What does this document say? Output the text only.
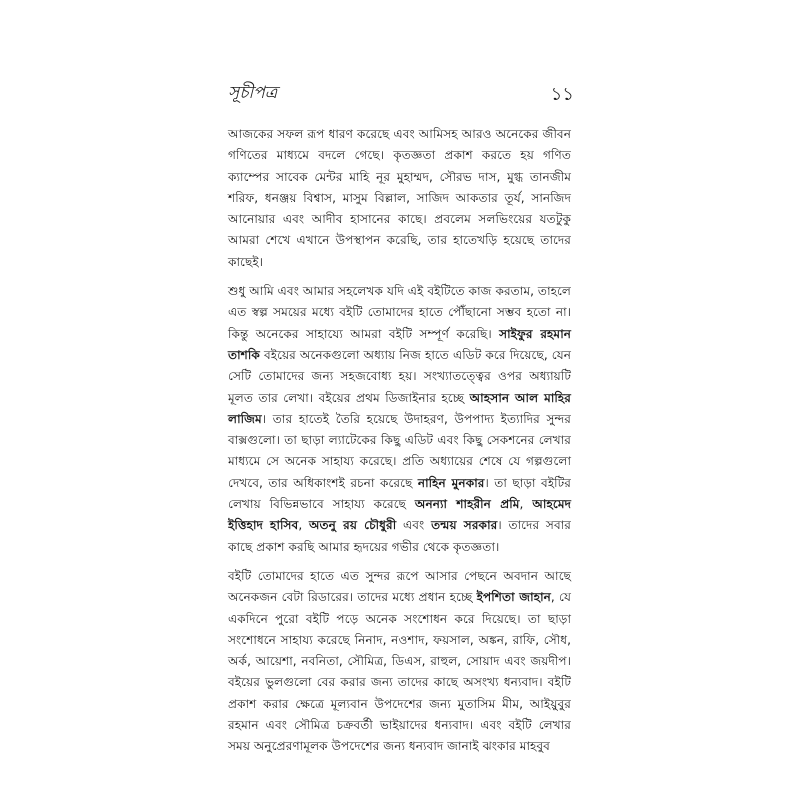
সূচীপত্র	১১

আজকের সফল রূপ ধারণ করেছে এবং আমিসহ আরও অনেকের জীবন গণিতের মাধ্যমে বদলে গেছে। কৃতজ্ঞতা প্রকাশ করতে হয় গণিত ক্যাম্পের সাবেক মেন্টর মাহি নূর মুহাম্মদ, সৌরভ দাস, মুগ্ধ তানজীম শরিফ, ধনঞ্জয় বিশ্বাস, মাসুম বিল্লাল, সাজিদ আকতার তূর্য, সানজিদ আনোয়ার এবং আদীব হাসানের কাছে। প্রবলেম সলভিংয়ের যতটুকু আমরা শেখে এখানে উপস্থাপন করেছি, তার হাতেখড়ি হয়েছে তাদের কাছেই।

শুধু আমি এবং আমার সহলেখক যদি এই বইটিতে কাজ করতাম, তাহলে এত স্বল্প সময়ের মধ্যে বইটি তোমাদের হাতে পৌঁছানো সম্ভব হতো না। কিন্তু অনেকের সাহায্যে আমরা বইটি সম্পূর্ণ করেছি। সাইফুর রহমান তাশকি বইয়ের অনেকগুলো অধ্যায় নিজ হাতে এডিট করে দিয়েছে, যেন সেটি তোমাদের জন্য সহজবোধ্য হয়। সংখ্যাতত্ত্বের ওপর অধ্যায়টি মূলত তার লেখা। বইয়ের প্রথম ডিজাইনার হচ্ছে আহসান আল মাহির লাজিম। তার হাতেই তৈরি হয়েছে উদাহরণ, উপপাদ্য ইত্যাদির সুন্দর বাক্সগুলো। তা ছাড়া ল্যাটেকের কিছু এডিট এবং কিছু সেকশনের লেখার মাধ্যমে সে অনেক সাহায্য করেছে। প্রতি অধ্যায়ের শেষে যে গল্পগুলো দেখবে, তার অধিকাংশই রচনা করেছে নাহিন মুনকার। তা ছাড়া বইটির লেখায় বিভিন্নভাবে সাহায্য করেছে অনন্যা শাহরীন প্রমি, আহমেদ ইত্তিহাদ হাসিব, অতনু রয় চৌধুরী এবং তন্ময় সরকার। তাদের সবার কাছে প্রকাশ করছি আমার হৃদয়ের গভীর থেকে কৃতজ্ঞতা।

বইটি তোমাদের হাতে এত সুন্দর রূপে আসার পেছনে অবদান আছে অনেকজন বেটা রিডারের। তাদের মধ্যে প্রধান হচ্ছে ইপশিতা জাহান, যে একদিনে পুরো বইটি পড়ে অনেক সংশোধন করে দিয়েছে। তা ছাড়া সংশোধনে সাহায্য করেছে নিনাদ, নওশাদ, ফয়সাল, অঙ্কন, রাফি, সৌধ, অর্ক, আয়েশা, নবনিতা, সৌমিত্র, ডিএস, রাহুল, সোয়াদ এবং জয়দীপ। বইয়ের ভুলগুলো বের করার জন্য তাদের কাছে অসংখ্য ধন্যবাদ। বইটি প্রকাশ করার ক্ষেত্রে মূল্যবান উপদেশের জন্য মুতাসিম মীম, আইয়ুবুর রহমান এবং সৌমিত্র চক্রবর্তী ভাইয়াদের ধন্যবাদ। এবং বইটি লেখার সময় অনুপ্রেরণামূলক উপদেশের জন্য ধন্যবাদ জানাই ঝংকার মাহবুব
